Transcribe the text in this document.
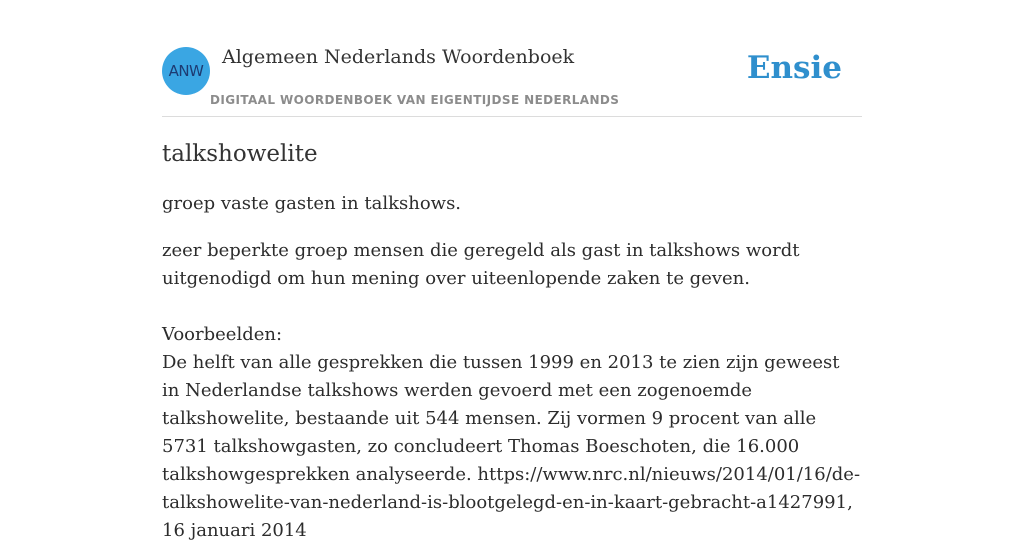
ANW
Algemeen Nederlands Woordenboek
DIGITAAL WOORDENBOEK VAN EIGENTIJDSE NEDERLANDS
Ensie
talkshowelite

groep vaste gasten in talkshows.

zeer beperkte groep mensen die geregeld als gast in talkshows wordt uitgenodigd om hun mening over uiteenlopende zaken te geven.

Voorbeelden:

De helft van alle gesprekken die tussen 1999 en 2013 te zien zijn geweest in Nederlandse talkshows werden gevoerd met een zogenoemde talkshowelite, bestaande uit 544 mensen. Zij vormen 9 procent van alle 5731 talkshowgasten, zo concludeert Thomas Boeschoten, die 16.000 talkshowgesprekken analyseerde. https://www.nrc.nl/nieuws/2014/01/16/de-talkshowelite-van-nederland-is-blootgelegd-en-in-kaart-gebracht-a1427991, 16 januari 2014
